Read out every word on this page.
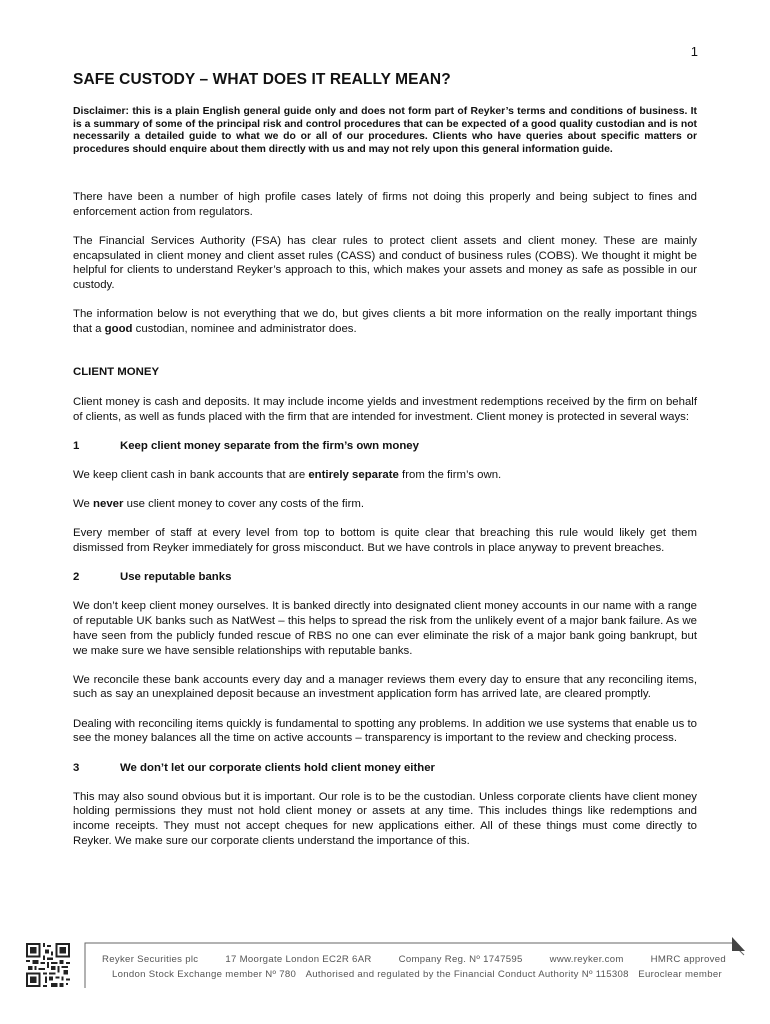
1
SAFE CUSTODY – WHAT DOES IT REALLY MEAN?

Disclaimer: this is a plain English general guide only and does not form part of Reyker’s terms and conditions of business. It is a summary of some of the principal risk and control procedures that can be expected of a good quality custodian and is not necessarily a detailed guide to what we do or all of our procedures. Clients who have queries about specific matters or procedures should enquire about them directly with us and may not rely upon this general information guide.

There have been a number of high profile cases lately of firms not doing this properly and being subject to fines and enforcement action from regulators.

The Financial Services Authority (FSA) has clear rules to protect client assets and client money. These are mainly encapsulated in client money and client asset rules (CASS) and conduct of business rules (COBS). We thought it might be helpful for clients to understand Reyker’s approach to this, which makes your assets and money as safe as possible in our custody.

The information below is not everything that we do, but gives clients a bit more information on the really important things that a good custodian, nominee and administrator does.

CLIENT MONEY

Client money is cash and deposits. It may include income yields and investment redemptions received by the firm on behalf of clients, as well as funds placed with the firm that are intended for investment. Client money is protected in several ways:

1	Keep client money separate from the firm’s own money

We keep client cash in bank accounts that are entirely separate from the firm’s own.

We never use client money to cover any costs of the firm.

Every member of staff at every level from top to bottom is quite clear that breaching this rule would likely get them dismissed from Reyker immediately for gross misconduct. But we have controls in place anyway to prevent breaches.

2	Use reputable banks

We don’t keep client money ourselves. It is banked directly into designated client money accounts in our name with a range of reputable UK banks such as NatWest – this helps to spread the risk from the unlikely event of a major bank failure. As we have seen from the publicly funded rescue of RBS no one can ever eliminate the risk of a major bank going bankrupt, but we make sure we have sensible relationships with reputable banks.

We reconcile these bank accounts every day and a manager reviews them every day to ensure that any reconciling items, such as say an unexplained deposit because an investment application form has arrived late, are cleared promptly.

Dealing with reconciling items quickly is fundamental to spotting any problems. In addition we use systems that enable us to see the money balances all the time on active accounts – transparency is important to the review and checking process.

3	We don’t let our corporate clients hold client money either

This may also sound obvious but it is important. Our role is to be the custodian. Unless corporate clients have client money holding permissions they must not hold client money or assets at any time. This includes things like redemptions and income receipts. They must not accept cheques for new applications either. All of these things must come directly to Reyker. We make sure our corporate clients understand the importance of this.

Reyker Securities plc	17 Moorgate London EC2R 6AR	Company Reg. Nº 1747595	www.reyker.com	HMRC approved
London Stock Exchange member Nº 780 Authorised and regulated by the Financial Conduct Authority Nº 115308 Euroclear member
